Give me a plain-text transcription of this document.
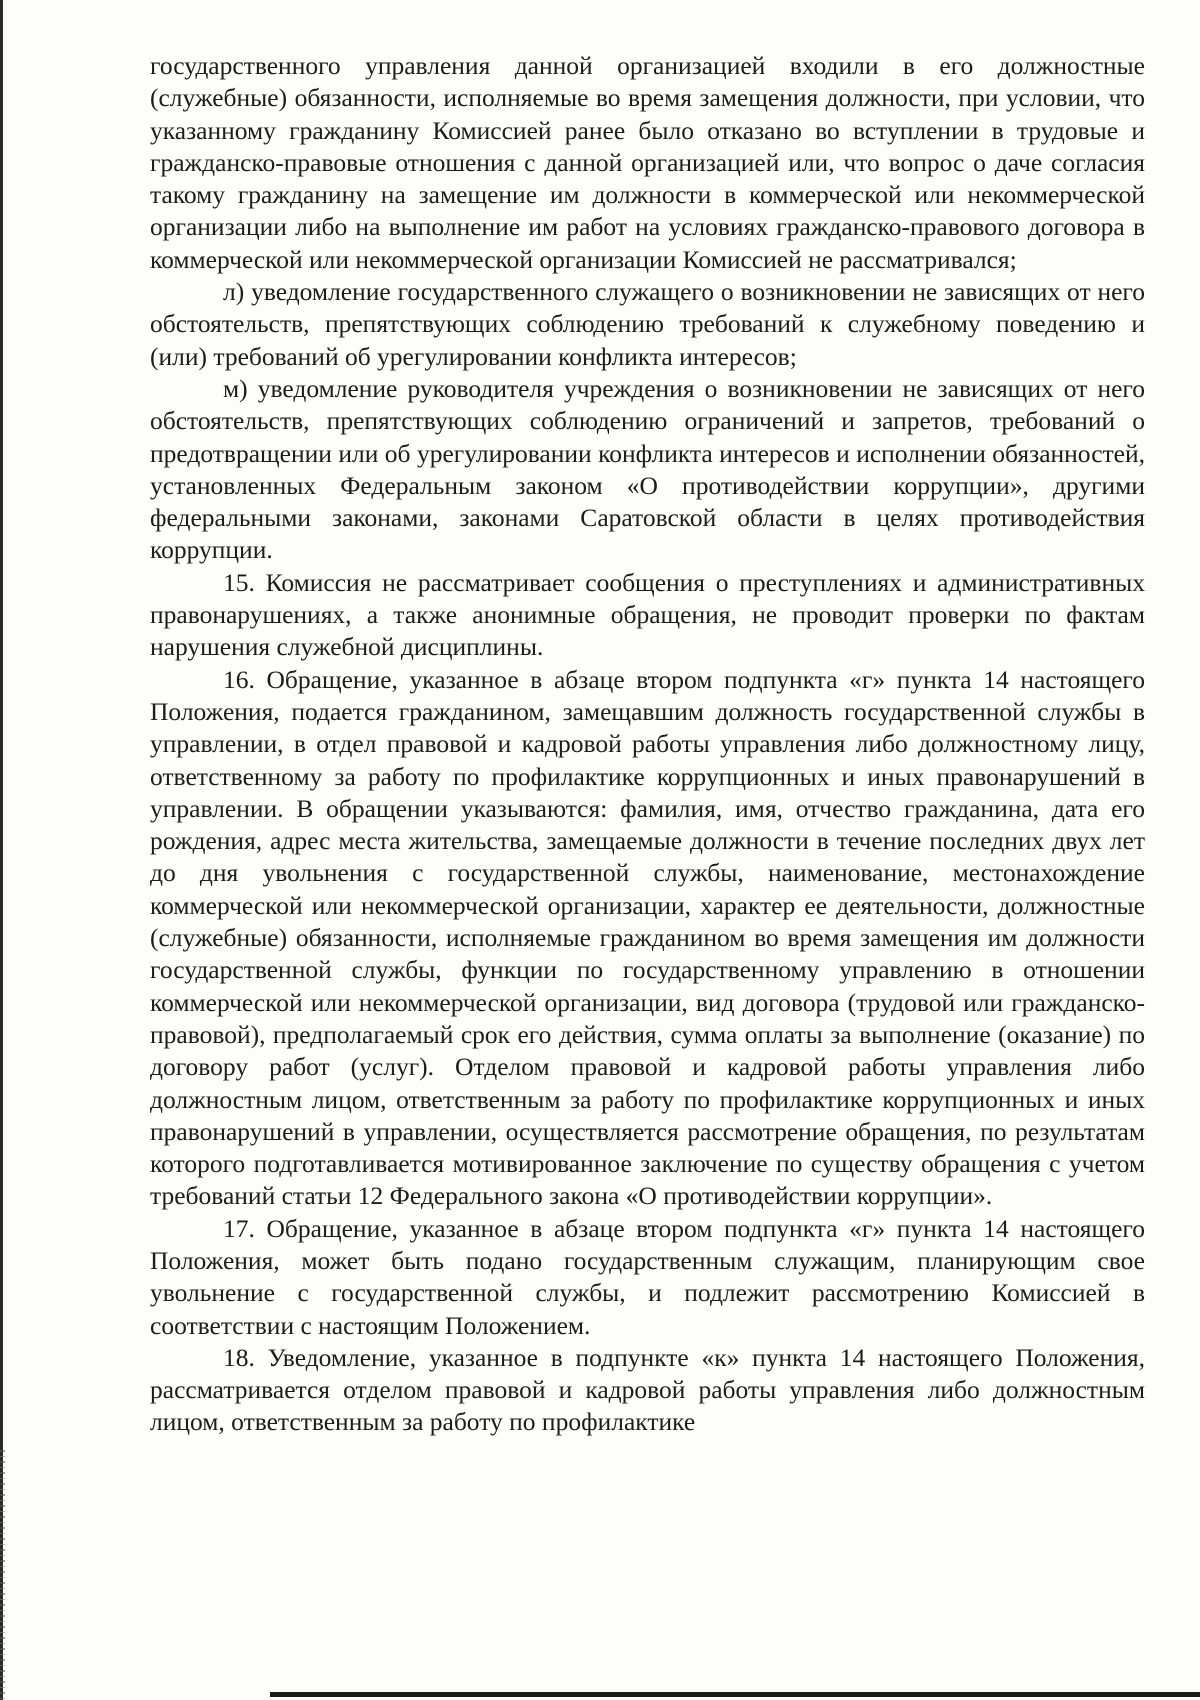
государственного управления данной организацией входили в его должностные (служебные) обязанности, исполняемые во время замещения должности, при условии, что указанному гражданину Комиссией ранее было отказано во вступлении в трудовые и гражданско-правовые отношения с данной организацией или, что вопрос о даче согласия такому гражданину на замещение им должности в коммерческой или некоммерческой организации либо на выполнение им работ на условиях гражданско-правового договора в коммерческой или некоммерческой организации Комиссией не рассматривался;

л) уведомление государственного служащего о возникновении не зависящих от него обстоятельств, препятствующих соблюдению требований к служебному поведению и (или) требований об урегулировании конфликта интересов;

м) уведомление руководителя учреждения о возникновении не зависящих от него обстоятельств, препятствующих соблюдению ограничений и запретов, требований о предотвращении или об урегулировании конфликта интересов и исполнении обязанностей, установленных Федеральным законом «О противодействии коррупции», другими федеральными законами, законами Саратовской области в целях противодействия коррупции.

15. Комиссия не рассматривает сообщения о преступлениях и административных правонарушениях, а также анонимные обращения, не проводит проверки по фактам нарушения служебной дисциплины.

16. Обращение, указанное в абзаце втором подпункта «г» пункта 14 настоящего Положения, подается гражданином, замещавшим должность государственной службы в управлении, в отдел правовой и кадровой работы управления либо должностному лицу, ответственному за работу по профилактике коррупционных и иных правонарушений в управлении. В обращении указываются: фамилия, имя, отчество гражданина, дата его рождения, адрес места жительства, замещаемые должности в течение последних двух лет до дня увольнения с государственной службы, наименование, местонахождение коммерческой или некоммерческой организации, характер ее деятельности, должностные (служебные) обязанности, исполняемые гражданином во время замещения им должности государственной службы, функции по государственному управлению в отношении коммерческой или некоммерческой организации, вид договора (трудовой или гражданско-правовой), предполагаемый срок его действия, сумма оплаты за выполнение (оказание) по договору работ (услуг). Отделом правовой и кадровой работы управления либо должностным лицом, ответственным за работу по профилактике коррупционных и иных правонарушений в управлении, осуществляется рассмотрение обращения, по результатам которого подготавливается мотивированное заключение по существу обращения с учетом требований статьи 12 Федерального закона «О противодействии коррупции».

17. Обращение, указанное в абзаце втором подпункта «г» пункта 14 настоящего Положения, может быть подано государственным служащим, планирующим свое увольнение с государственной службы, и подлежит рассмотрению Комиссией в соответствии с настоящим Положением.

18. Уведомление, указанное в подпункте «к» пункта 14 настоящего Положения, рассматривается отделом правовой и кадровой работы управления либо должностным лицом, ответственным за работу по профилактике
